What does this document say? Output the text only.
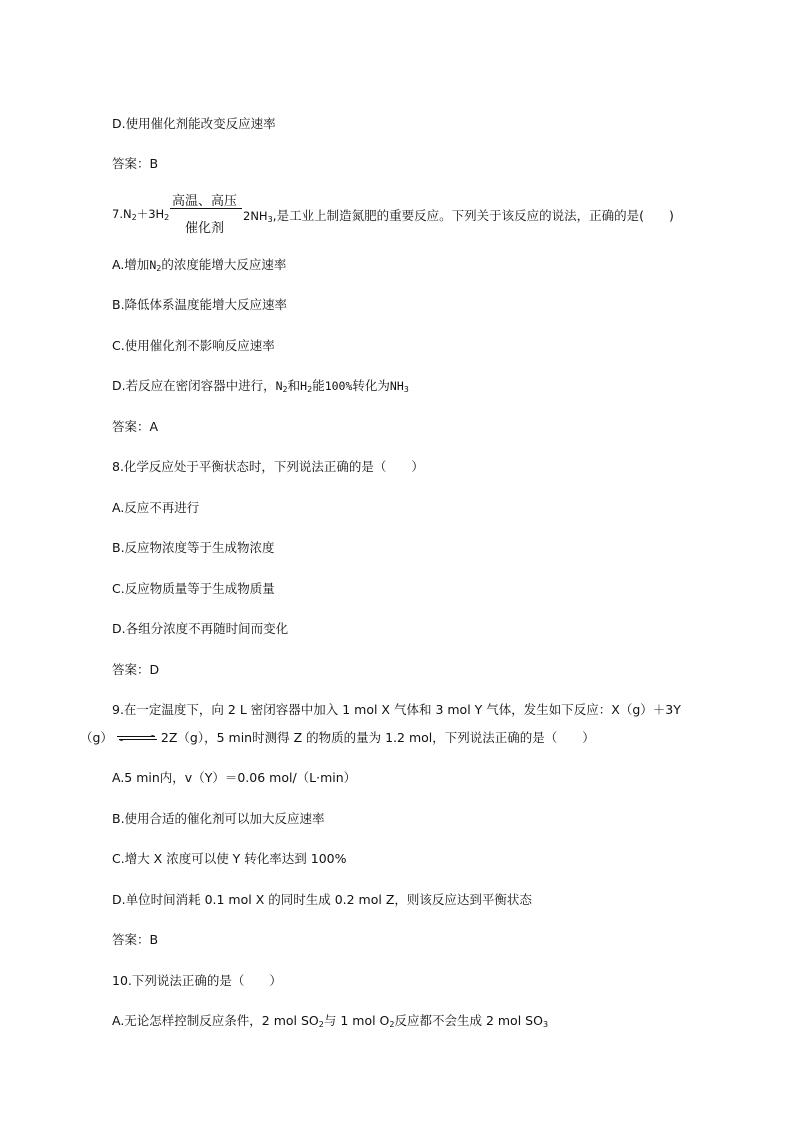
D.使用催化剂能改变反应速率
答案：B
$7.N_2+3H_2$
高温、高压
催化剂
$2NH_3$,是工业上制造氮肥的重要反应。下列关于该反应的说法，正确的是(　　)
A.增加$N_2$的浓度能增大反应速率
B.降低体系温度能增大反应速率
C.使用催化剂不影响反应速率
D.若反应在密闭容器中进行，$N_2$和$H_2$能100%转化为$NH_3$
答案：A
8.化学反应处于平衡状态时，下列说法正确的是（　　）
A.反应不再进行
B.反应物浓度等于生成物浓度
C.反应物质量等于生成物质量
D.各组分浓度不再随时间而变化
答案：D
9.在一定温度下，向 2 L 密闭容器中加入 1 mol X 气体和 3 mol Y 气体，发生如下反应：X（g）＋3Y
（g） ⇌ 2Z（g），5 min时测得 Z 的物质的量为 1.2 mol，下列说法正确的是（　　）
A.5 min内，v（Y）＝0.06 mol/（L·min）
B.使用合适的催化剂可以加大反应速率
C.增大 X 浓度可以使 Y 转化率达到 100%
D.单位时间消耗 0.1 mol X 的同时生成 0.2 mol Z，则该反应达到平衡状态
答案：B
10.下列说法正确的是（　　）
A.无论怎样控制反应条件，2 mol $SO_2$与 1 mol $O_2$反应都不会生成 2 mol $SO_3$
